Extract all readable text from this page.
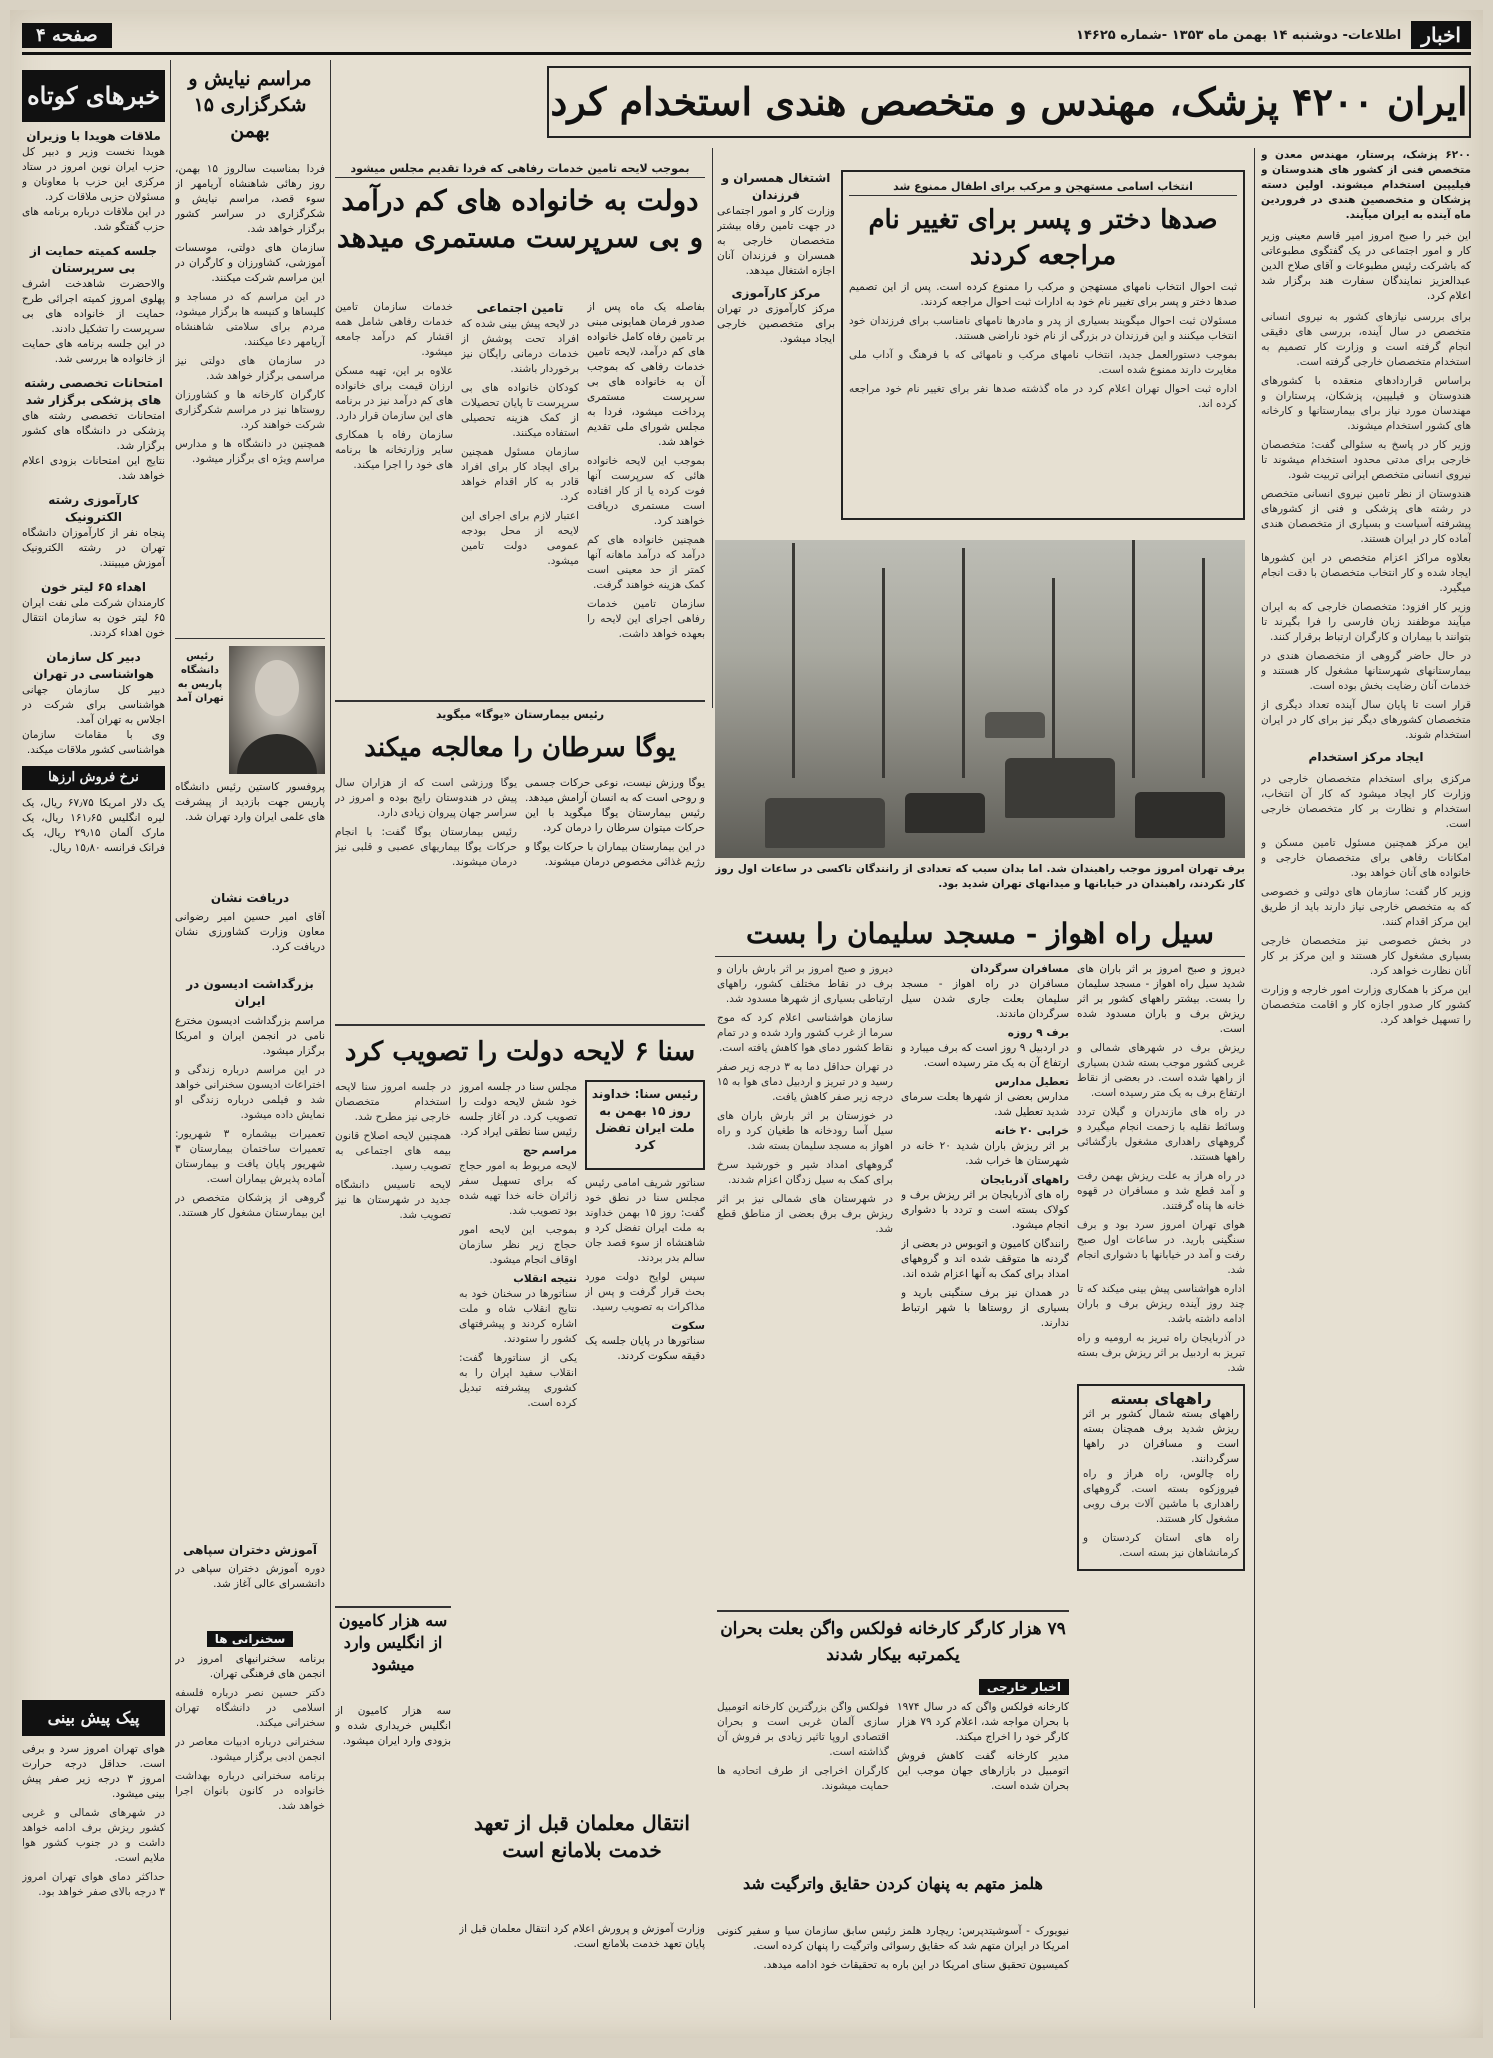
اخبار
اطلاعات- دوشنبه ۱۴ بهمن ماه ۱۳۵۳ -شماره ۱۴۶۲۵
صفحه ۴
ایران ۴۲۰۰ پزشک، مهندس و متخصص هندی استخدام کرد

۶۲۰۰ پزشک، پرستار، مهندس معدن و متخصص فنی از کشور های هندوستان و فیلیپین استخدام میشوند. اولین دسته پزشکان و متخصصین هندی در فروردین ماه آینده به ایران میآیند.

این خبر را صبح امروز امیر قاسم معینی وزیر کار و امور اجتماعی در یک گفتگوی مطبوعاتی که باشرکت رئیس مطبوعات و آقای صلاح الدین عبدالعزیز نمایندگان سفارت هند برگزار شد اعلام کرد.

برای بررسی نیازهای کشور به نیروی انسانی متخصص در سال آینده، بررسی های دقیقی انجام گرفته است و وزارت کار تصمیم به استخدام متخصصان خارجی گرفته است.

براساس قراردادهای منعقده با کشورهای هندوستان و فیلیپین، پزشکان، پرستاران و مهندسان مورد نیاز برای بیمارستانها و کارخانه های کشور استخدام میشوند.

وزیر کار در پاسخ به سئوالی گفت: متخصصان خارجی برای مدتی محدود استخدام میشوند تا نیروی انسانی متخصص ایرانی تربیت شود.

هندوستان از نظر تامین نیروی انسانی متخصص در رشته های پزشکی و فنی از کشورهای پیشرفته آسیاست و بسیاری از متخصصان هندی آماده کار در ایران هستند.

بعلاوه مراکز اعزام متخصص در این کشورها ایجاد شده و کار انتخاب متخصصان با دقت انجام میگیرد.

وزیر کار افزود: متخصصان خارجی که به ایران میآیند موظفند زبان فارسی را فرا بگیرند تا بتوانند با بیماران و کارگران ارتباط برقرار کنند.

در حال حاضر گروهی از متخصصان هندی در بیمارستانهای شهرستانها مشغول کار هستند و خدمات آنان رضایت بخش بوده است.

قرار است تا پایان سال آینده تعداد دیگری از متخصصان کشورهای دیگر نیز برای کار در ایران استخدام شوند.

ایجاد مرکز استخدام

مرکزی برای استخدام متخصصان خارجی در وزارت کار ایجاد میشود که کار آن انتخاب، استخدام و نظارت بر کار متخصصان خارجی است.

این مرکز همچنین مسئول تامین مسکن و امکانات رفاهی برای متخصصان خارجی و خانواده های آنان خواهد بود.

وزیر کار گفت: سازمان های دولتی و خصوصی که به متخصص خارجی نیاز دارند باید از طریق این مرکز اقدام کنند.

در بخش خصوصی نیز متخصصان خارجی بسیاری مشغول کار هستند و این مرکز بر کار آنان نظارت خواهد کرد.

این مرکز با همکاری وزارت امور خارجه و وزارت کشور کار صدور اجازه کار و اقامت متخصصان را تسهیل خواهد کرد.

انتخاب اسامی مستهجن و مرکب برای اطفال ممنوع شد
صدها دختر و پسر برای تغییر نام مراجعه کردند

ثبت احوال انتخاب نامهای مستهجن و مرکب را ممنوع کرده است. پس از این تصمیم صدها دختر و پسر برای تغییر نام خود به ادارات ثبت احوال مراجعه کردند.

مسئولان ثبت احوال میگویند بسیاری از پدر و مادرها نامهای نامناسب برای فرزندان خود انتخاب میکنند و این فرزندان در بزرگی از نام خود ناراضی هستند.

بموجب دستورالعمل جدید، انتخاب نامهای مرکب و نامهائی که با فرهنگ و آداب ملی مغایرت دارند ممنوع شده است.

اداره ثبت احوال تهران اعلام کرد در ماه گذشته صدها نفر برای تغییر نام خود مراجعه کرده اند.

اشتغال همسران و فرزندان

وزارت کار و امور اجتماعی در جهت تامین رفاه بیشتر متخصصان خارجی به همسران و فرزندان آنان اجازه اشتغال میدهد.

مرکز کارآموزی

مرکز کارآموزی در تهران برای متخصصین خارجی ایجاد میشود.

برف تهران امروز موجب راهبندان شد. اما بدان سبب که تعدادی از رانندگان تاکسی در ساعات اول روز کار نکردند، راهبندان در خیابانها و میدانهای تهران شدید بود.
سیل راه اهواز - مسجد سلیمان را بست

دیروز و صبح امروز بر اثر باران های شدید سیل راه اهواز - مسجد سلیمان را بست. بیشتر راههای کشور بر اثر ریزش برف و باران مسدود شده است.

ریزش برف در شهرهای شمالی و غربی کشور موجب بسته شدن بسیاری از راهها شده است. در بعضی از نقاط ارتفاع برف به یک متر رسیده است.

در راه های مازندران و گیلان تردد وسائط نقلیه با زحمت انجام میگیرد و گروههای راهداری مشغول بازگشائی راهها هستند.

در راه هراز به علت ریزش بهمن رفت و آمد قطع شد و مسافران در قهوه خانه ها پناه گرفتند.

هوای تهران امروز سرد بود و برف سنگینی بارید. در ساعات اول صبح رفت و آمد در خیابانها با دشواری انجام شد.

اداره هواشناسی پیش بینی میکند که تا چند روز آینده ریزش برف و باران ادامه داشته باشد.

در آذربایجان راه تبریز به ارومیه و راه تبریز به اردبیل بر اثر ریزش برف بسته شد.

راههای بسته

راههای بسته شمال کشور بر اثر ریزش شدید برف همچنان بسته است و مسافران در راهها سرگردانند.

راه چالوس، راه هراز و راه فیروزکوه بسته است. گروههای راهداری با ماشین آلات برف روبی مشغول کار هستند.

راه های استان کردستان و کرمانشاهان نیز بسته است.

مسافران سرگردان

مسافران در راه اهواز - مسجد سلیمان بعلت جاری شدن سیل سرگردان ماندند.

برف ۹ روزه

در اردبیل ۹ روز است که برف میبارد و ارتفاع آن به یک متر رسیده است.

تعطیل مدارس

مدارس بعضی از شهرها بعلت سرمای شدید تعطیل شد.

خرابی ۲۰ خانه

بر اثر ریزش باران شدید ۲۰ خانه در شهرستان ها خراب شد.

راههای آذربایجان

راه های آذربایجان بر اثر ریزش برف و کولاک بسته است و تردد با دشواری انجام میشود.

رانندگان کامیون و اتوبوس در بعضی از گردنه ها متوقف شده اند و گروههای امداد برای کمک به آنها اعزام شده اند.

در همدان نیز برف سنگینی بارید و بسیاری از روستاها با شهر ارتباط ندارند.

دیروز و صبح امروز بر اثر بارش باران و برف در نقاط مختلف کشور، راههای ارتباطی بسیاری از شهرها مسدود شد.

سازمان هواشناسی اعلام کرد که موج سرما از غرب کشور وارد شده و در تمام نقاط کشور دمای هوا کاهش یافته است.

در تهران حداقل دما به ۳ درجه زیر صفر رسید و در تبریز و اردبیل دمای هوا به ۱۵ درجه زیر صفر کاهش یافت.

در خوزستان بر اثر بارش باران های سیل آسا رودخانه ها طغیان کرد و راه اهواز به مسجد سلیمان بسته شد.

گروههای امداد شیر و خورشید سرخ برای کمک به سیل زدگان اعزام شدند.

در شهرستان های شمالی نیز بر اثر ریزش برف برق بعضی از مناطق قطع شد.

۷۹ هزار کارگر کارخانه فولکس واگن بعلت بحران یکمرتبه بیکار شدند
اخبار خارجی

کارخانه فولکس واگن که در سال ۱۹۷۴ با بحران مواجه شد، اعلام کرد ۷۹ هزار کارگر خود را اخراج میکند.

مدیر کارخانه گفت کاهش فروش اتومبیل در بازارهای جهان موجب این بحران شده است.

فولکس واگن بزرگترین کارخانه اتومبیل سازی آلمان غربی است و بحران اقتصادی اروپا تاثیر زیادی بر فروش آن گذاشته است.

کارگران اخراجی از طرف اتحادیه ها حمایت میشوند.

هلمز متهم به پنهان کردن حقایق واترگیت شد

نیویورک - آسوشیتدپرس: ریچارد هلمز رئیس سابق سازمان سیا و سفیر کنونی امریکا در ایران متهم شد که حقایق رسوائی واترگیت را پنهان کرده است.

کمیسیون تحقیق سنای امریکا در این باره به تحقیقات خود ادامه میدهد.

بموجب لایحه تامین خدمات رفاهی که فردا تقدیم مجلس میشود
دولت به خانواده های کم درآمد و بی سرپرست مستمری میدهد

بفاصله یک ماه پس از صدور فرمان همایونی مبنی بر تامین رفاه کامل خانواده های کم درآمد، لایحه تامین خدمات رفاهی که بموجب آن به خانواده های بی سرپرست مستمری پرداخت میشود، فردا به مجلس شورای ملی تقدیم خواهد شد.

بموجب این لایحه خانواده هائی که سرپرست آنها فوت کرده یا از کار افتاده است مستمری دریافت خواهند کرد.

همچنین خانواده های کم درآمد که درآمد ماهانه آنها کمتر از حد معینی است کمک هزینه خواهند گرفت.

سازمان تامین خدمات رفاهی اجرای این لایحه را بعهده خواهد داشت.

تامین اجتماعی

در لایحه پیش بینی شده که افراد تحت پوشش از خدمات درمانی رایگان نیز برخوردار باشند.

کودکان خانواده های بی سرپرست تا پایان تحصیلات از کمک هزینه تحصیلی استفاده میکنند.

سازمان مسئول همچنین برای ایجاد کار برای افراد قادر به کار اقدام خواهد کرد.

اعتبار لازم برای اجرای این لایحه از محل بودجه عمومی دولت تامین میشود.

خدمات سازمان تامین خدمات رفاهی شامل همه اقشار کم درآمد جامعه میشود.

علاوه بر این، تهیه مسکن ارزان قیمت برای خانواده های کم درآمد نیز در برنامه های این سازمان قرار دارد.

سازمان رفاه با همکاری سایر وزارتخانه ها برنامه های خود را اجرا میکند.

رئیس بیمارستان «یوگا» میگوید
یوگا سرطان را معالجه میکند

یوگا ورزش نیست، نوعی حرکات جسمی و روحی است که به انسان آرامش میدهد. رئیس بیمارستان یوگا میگوید با این حرکات میتوان سرطان را درمان کرد.

در این بیمارستان بیماران با حرکات یوگا و رژیم غذائی مخصوص درمان میشوند.

یوگا ورزشی است که از هزاران سال پیش در هندوستان رایج بوده و امروز در سراسر جهان پیروان زیادی دارد.

رئیس بیمارستان یوگا گفت: با انجام حرکات یوگا بیماریهای عصبی و قلبی نیز درمان میشوند.

سنا ۶ لایحه دولت را تصویب کرد
رئیس سنا: خداوند روز ۱۵ بهمن به ملت ایران تفضل کرد

سناتور شریف امامی رئیس مجلس سنا در نطق خود گفت: روز ۱۵ بهمن خداوند به ملت ایران تفضل کرد و شاهنشاه از سوء قصد جان سالم بدر بردند.

سپس لوایح دولت مورد بحث قرار گرفت و پس از مذاکرات به تصویب رسید.

سکوت

سناتورها در پایان جلسه یک دقیقه سکوت کردند.

مجلس سنا در جلسه امروز خود شش لایحه دولت را تصویب کرد. در آغاز جلسه رئیس سنا نطقی ایراد کرد.

مراسم حج

لایحه مربوط به امور حجاج که برای تسهیل سفر زائران خانه خدا تهیه شده بود تصویب شد.

بموجب این لایحه امور حجاج زیر نظر سازمان اوقاف انجام میشود.

نتیجه انقلاب

سناتورها در سخنان خود به نتایج انقلاب شاه و ملت اشاره کردند و پیشرفتهای کشور را ستودند.

یکی از سناتورها گفت: انقلاب سفید ایران را به کشوری پیشرفته تبدیل کرده است.

در جلسه امروز سنا لایحه استخدام متخصصان خارجی نیز مطرح شد.

همچنین لایحه اصلاح قانون بیمه های اجتماعی به تصویب رسید.

لایحه تاسیس دانشگاه جدید در شهرستان ها نیز تصویب شد.

سه هزار کامیون از انگلیس وارد میشود
سه هزار کامیون از انگلیس خریداری شده و بزودی وارد ایران میشود.
انتقال معلمان قبل از تعهد خدمت بلامانع است
وزارت آموزش و پرورش اعلام کرد انتقال معلمان قبل از پایان تعهد خدمت بلامانع است.
مراسم نیایش و شکرگزاری ۱۵ بهمن

فردا بمناسبت سالروز ۱۵ بهمن، روز رهائی شاهنشاه آریامهر از سوء قصد، مراسم نیایش و شکرگزاری در سراسر کشور برگزار خواهد شد.

سازمان های دولتی، موسسات آموزشی، کشاورزان و کارگران در این مراسم شرکت میکنند.

در این مراسم که در مساجد و کلیساها و کنیسه ها برگزار میشود، مردم برای سلامتی شاهنشاه آریامهر دعا میکنند.

در سازمان های دولتی نیز مراسمی برگزار خواهد شد.

کارگران کارخانه ها و کشاورزان روستاها نیز در مراسم شکرگزاری شرکت خواهند کرد.

همچنین در دانشگاه ها و مدارس مراسم ویژه ای برگزار میشود.

رئیس دانشگاه پاریس به تهران آمد
پروفسور کاستین رئیس دانشگاه پاریس جهت بازدید از پیشرفت های علمی ایران وارد تهران شد.
دریافت نشان
آقای امیر حسین امیر رضوانی معاون وزارت کشاورزی نشان دریافت کرد.
بزرگداشت ادیسون در ایران

مراسم بزرگداشت ادیسون مخترع نامی در انجمن ایران و امریکا برگزار میشود.

در این مراسم درباره زندگی و اختراعات ادیسون سخنرانی خواهد شد و فیلمی درباره زندگی او نمایش داده میشود.

تعمیرات بیشماره ۳ شهریور: تعمیرات ساختمان بیمارستان ۳ شهریور پایان یافت و بیمارستان آماده پذیرش بیماران است.

گروهی از پزشکان متخصص در این بیمارستان مشغول کار هستند.

آموزش دختران سپاهی
دوره آموزش دختران سپاهی در دانشسرای عالی آغاز شد.
سخنرانی ها

برنامه سخنرانیهای امروز در انجمن های فرهنگی تهران.

دکتر حسین نصر درباره فلسفه اسلامی در دانشگاه تهران سخنرانی میکند.

سخنرانی درباره ادبیات معاصر در انجمن ادبی برگزار میشود.

برنامه سخنرانی درباره بهداشت خانواده در کانون بانوان اجرا خواهد شد.

خبرهای کوتاه
ملاقات هویدا با وزیران

هویدا نخست وزیر و دبیر کل حزب ایران نوین امروز در ستاد مرکزی این حزب با معاونان و مسئولان حزبی ملاقات کرد.

در این ملاقات درباره برنامه های حزب گفتگو شد.

جلسه کمیته حمایت از بی سرپرستان

والاحضرت شاهدخت اشرف پهلوی امروز کمیته اجرائی طرح حمایت از خانواده های بی سرپرست را تشکیل دادند.

در این جلسه برنامه های حمایت از خانواده ها بررسی شد.

امتحانات تخصصی رشته های پزشکی برگزار شد

امتحانات تخصصی رشته های پزشکی در دانشگاه های کشور برگزار شد.

نتایج این امتحانات بزودی اعلام خواهد شد.

کارآموزی رشته الکترونیک

پنجاه نفر از کارآموزان دانشگاه تهران در رشته الکترونیک آموزش میبینند.

اهداء ۶۵ لیتر خون

کارمندان شرکت ملی نفت ایران ۶۵ لیتر خون به سازمان انتقال خون اهداء کردند.

دبیر کل سازمان هواشناسی در تهران

دبیر کل سازمان جهانی هواشناسی برای شرکت در اجلاس به تهران آمد.

وی با مقامات سازمان هواشناسی کشور ملاقات میکند.

نرخ فروش ارزها

یک دلار امریکا ۶۷٫۷۵ ریال، یک لیره انگلیس ۱۶۱٫۶۵ ریال، یک مارک آلمان ۲۹٫۱۵ ریال، یک فرانک فرانسه ۱۵٫۸۰ ریال.

پیک پیش بینی

هوای تهران امروز سرد و برفی است. حداقل درجه حرارت امروز ۳ درجه زیر صفر پیش بینی میشود.

در شهرهای شمالی و غربی کشور ریزش برف ادامه خواهد داشت و در جنوب کشور هوا ملایم است.

حداکثر دمای هوای تهران امروز ۳ درجه بالای صفر خواهد بود.
